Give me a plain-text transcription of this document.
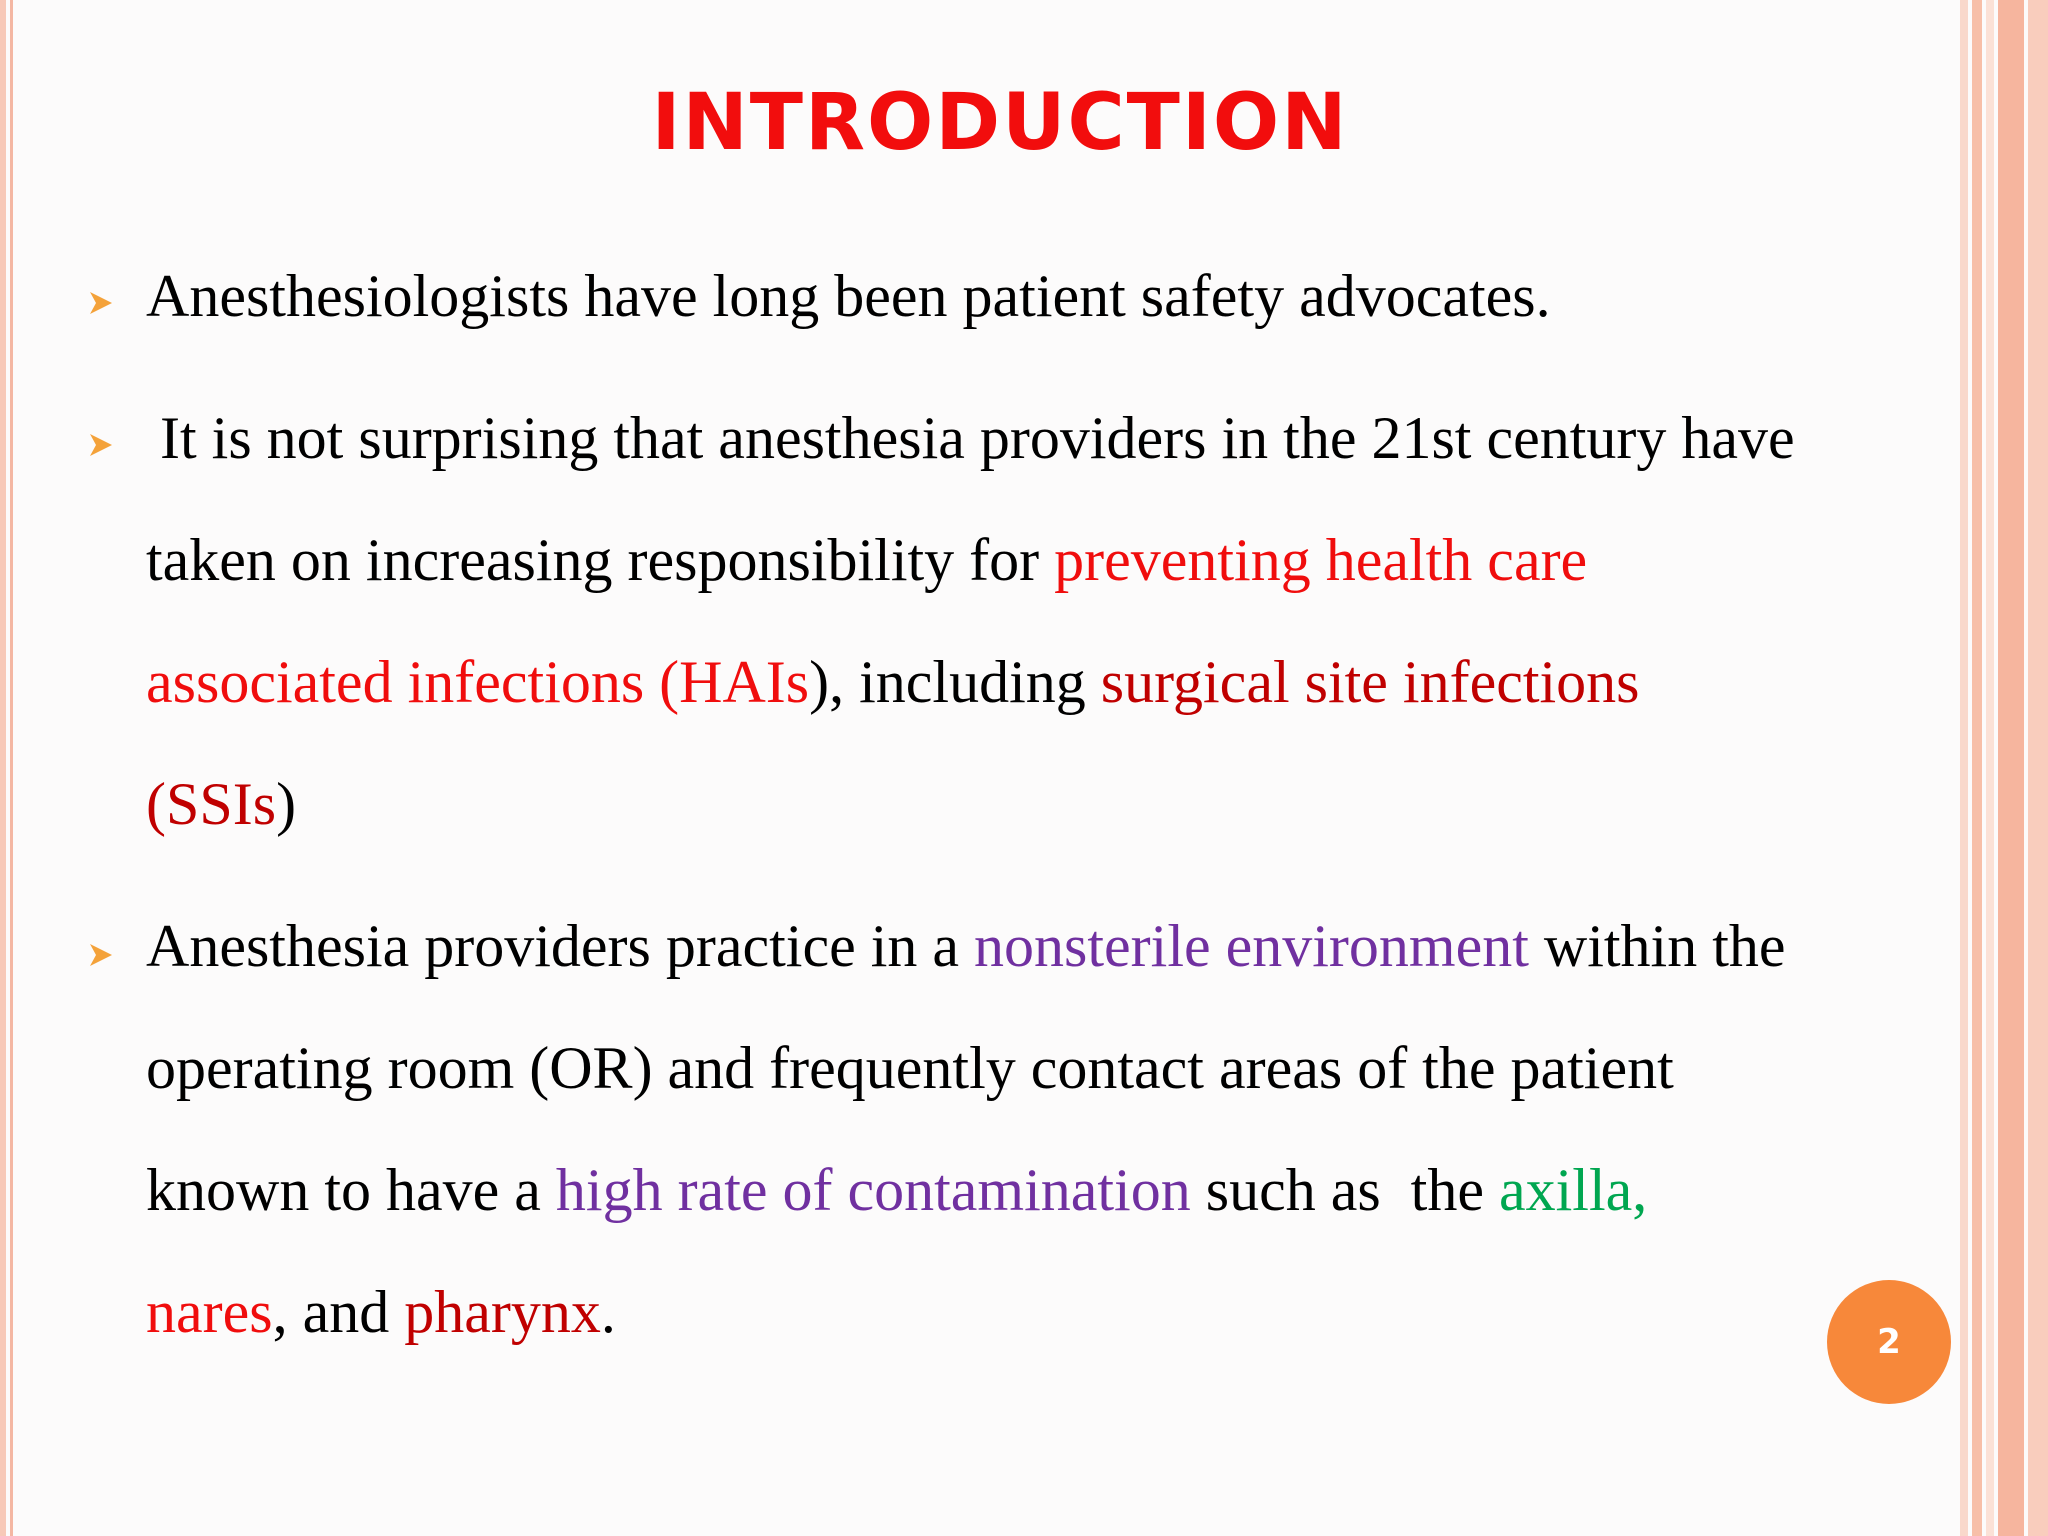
INTRODUCTION

Anesthesiologists have long been patient safety advocates.

It is not surprising that anesthesia providers in the 21st century have

taken on increasing responsibility for preventing health care

associated infections (HAIs), including surgical site infections

(SSIs)

Anesthesia providers practice in a nonsterile environment within the

operating room (OR) and frequently contact areas of the patient

known to have a high rate of contamination such as  the axilla,

nares, and pharynx.	2
